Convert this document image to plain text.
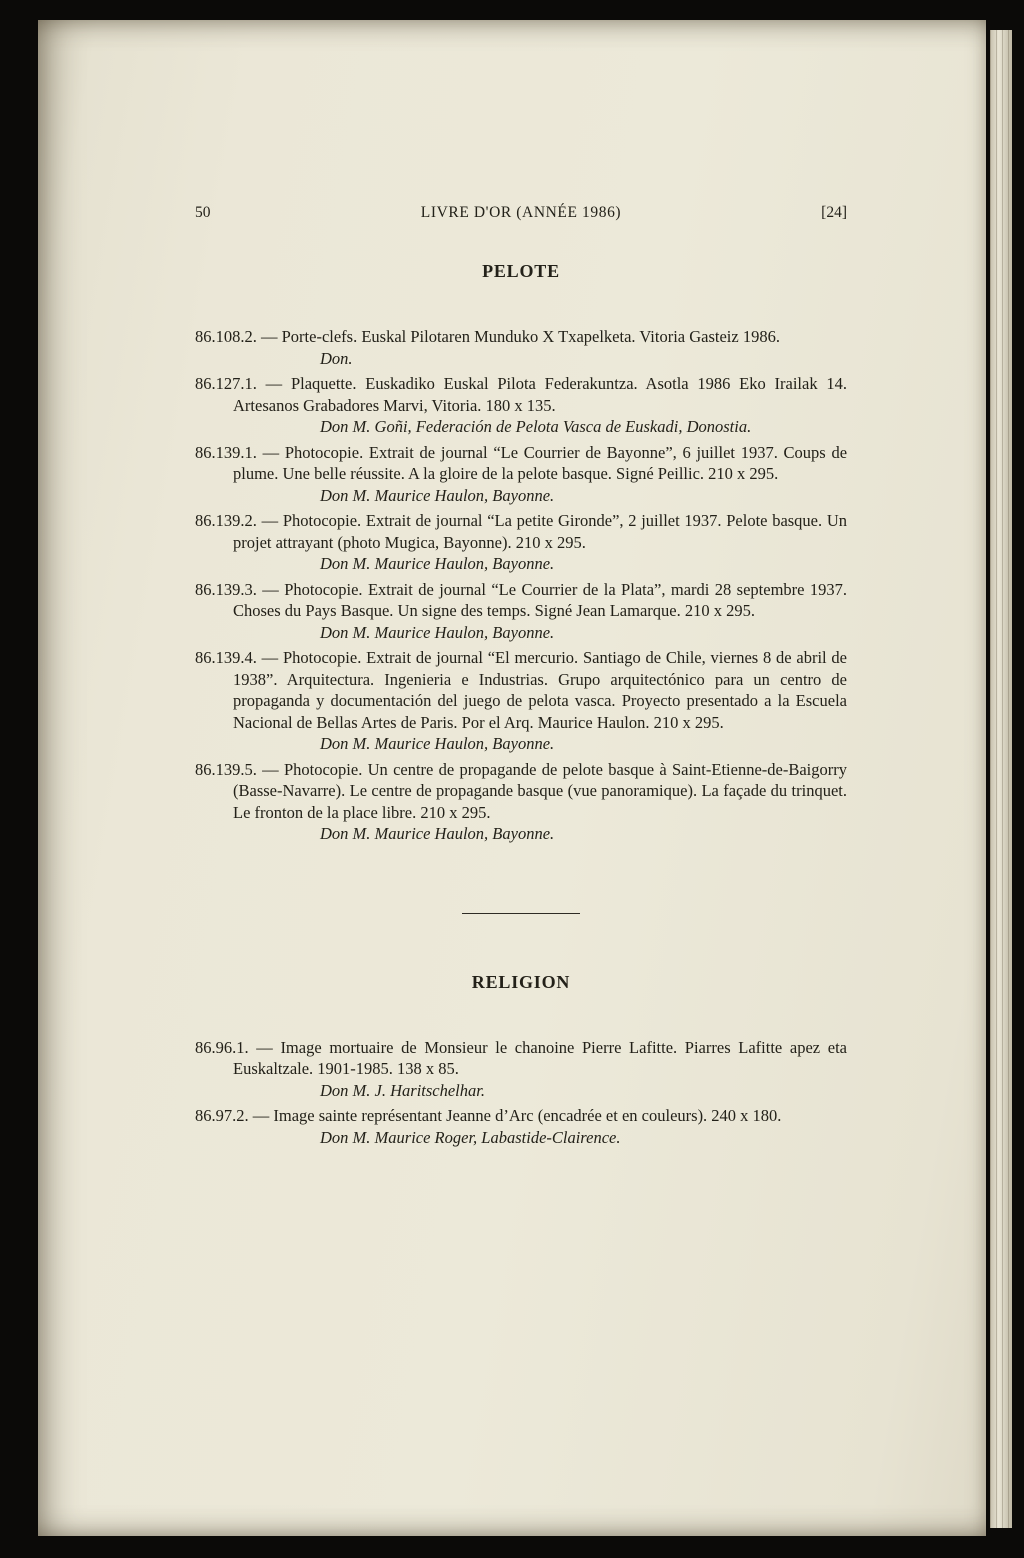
50	LIVRE D'OR (ANNÉE 1986)	[24]
PELOTE

86.108.2. — Porte-clefs. Euskal Pilotaren Munduko X Txapelketa. Vitoria Gasteiz 1986.

Don.

86.127.1. — Plaquette. Euskadiko Euskal Pilota Federakuntza. Asotla 1986 Eko Irailak 14. Artesanos Grabadores Marvi, Vitoria. 180 x 135.

Don M. Goñi, Federación de Pelota Vasca de Euskadi, Donostia.

86.139.1. — Photocopie. Extrait de journal “Le Courrier de Bayonne”, 6 juillet 1937. Coups de plume. Une belle réussite. A la gloire de la pelote basque. Signé Peillic. 210 x 295.

Don M. Maurice Haulon, Bayonne.

86.139.2. — Photocopie. Extrait de journal “La petite Gironde”, 2 juillet 1937. Pelote basque. Un projet attrayant (photo Mugica, Bayonne). 210 x 295.

Don M. Maurice Haulon, Bayonne.

86.139.3. — Photocopie. Extrait de journal “Le Courrier de la Plata”, mardi 28 septembre 1937. Choses du Pays Basque. Un signe des temps. Signé Jean Lamarque. 210 x 295.

Don M. Maurice Haulon, Bayonne.

86.139.4. — Photocopie. Extrait de journal “El mercurio. Santiago de Chile, viernes 8 de abril de 1938”. Arquitectura. Ingenieria e Industrias. Grupo arquitectónico para un centro de propaganda y documentación del juego de pelota vasca. Proyecto presentado a la Escuela Nacional de Bellas Artes de Paris. Por el Arq. Maurice Haulon. 210 x 295.

Don M. Maurice Haulon, Bayonne.

86.139.5. — Photocopie. Un centre de propagande de pelote basque à Saint-Etienne-de-Baigorry (Basse-Navarre). Le centre de propagande basque (vue panoramique). La façade du trinquet. Le fronton de la place libre. 210 x 295.

Don M. Maurice Haulon, Bayonne.

RELIGION

86.96.1. — Image mortuaire de Monsieur le chanoine Pierre Lafitte. Piarres Lafitte apez eta Euskaltzale. 1901-1985. 138 x 85.

Don M. J. Haritschelhar.

86.97.2. — Image sainte représentant Jeanne d’Arc (encadrée et en couleurs). 240 x 180.

Don M. Maurice Roger, Labastide-Clairence.
